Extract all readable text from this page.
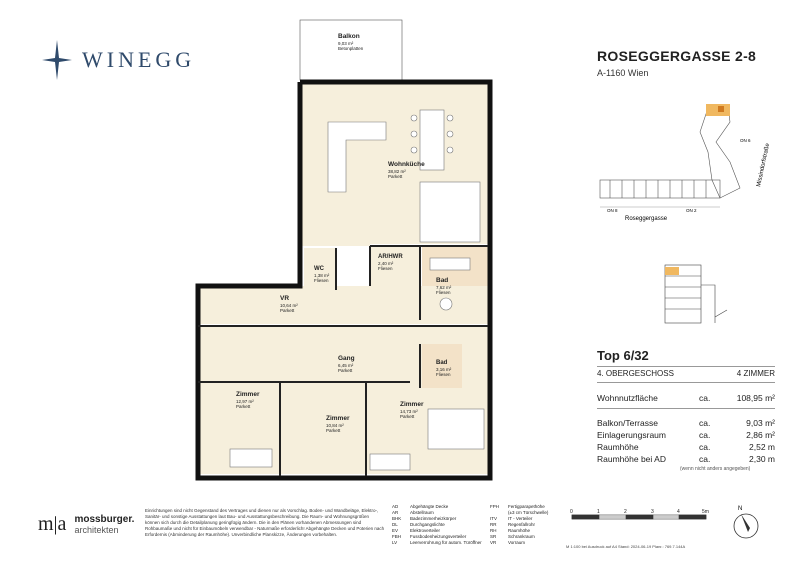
WINEGG	ROSEGGERGASSE 2-8
A-1160 Wien
Roseggergasse
ON 8	ON 2
ON 6
Missindorfstraße
Top 6/32
4. OBERGESCHOSS	4 ZIMMER
Wohnnutzfläche	ca.	108,95 m²
Balkon/Terrasse	ca.	9,03 m²
Einlagerungsraum	ca.	2,86 m²
Raumhöhe	ca.	2,52 m
Raumhöhe bei AD	ca.	2,30 m
(wenn nicht anders angegeben)
Balkon
9,03 m²
Betonplatten
Wohnküche
38,82 m²
Parkett
AR/HWR
2,40 m²
Fliesen
WC
1,38 m²
Fliesen	Bad
7,62 m²
Fliesen
VR
10,64 m²
Parkett
Gang
6,45 m²
Parkett
Bad
3,16 m²
Fliesen
Zimmer
12,97 m²
Parkett
Zimmer
10,84 m²
Parkett
Zimmer
14,73 m²
Parkett
m|a mossburger.
architekten
Einrichtungen sind nicht Gegenstand des Vertrages und dienen nur als Vorschlag. Boden- und Wandbeläge, Elektro-, Sanitär- und sonstige Ausstattungen laut Bau- und Ausstattungsbeschreibung. Die Raum- und Wohnungsgrößen können sich durch die Detailplanung geringfügig ändern. Die in den Plänen vorhandenen Abmessungen sind Rohbaumaße und nicht für Einbaumöbeln verwendbar - Naturmaße erforderlich! Abgehängte Decken und Poterien nach Erfordernis (Abminderung der Raumhöhe). Unverbindliche Planskizze, Änderungen vorbehalten.
AD	Abgehängte Decke
AR	Abstellraum
BHK	Badezimmerheizkörper
DL	Durchgangslichte
EV	Elektroverteiler
FBH	Fussbodenheizungsverteiler
LV	Leerverrohrung für autom. Türöffner
FPH	Fertigparapethöhe
(±3 cm Türschwelle)
ITV	IT - Verteiler
RR	Regenfallrohr
RH	Raumhöhe
SR	Schrankraum
VR	Vorraum
0	1	2	3	4	5m
M 1:100 bei Ausdruck auf A4 Stand: 2024-06-19 Planr.: 769.7.144A
N
